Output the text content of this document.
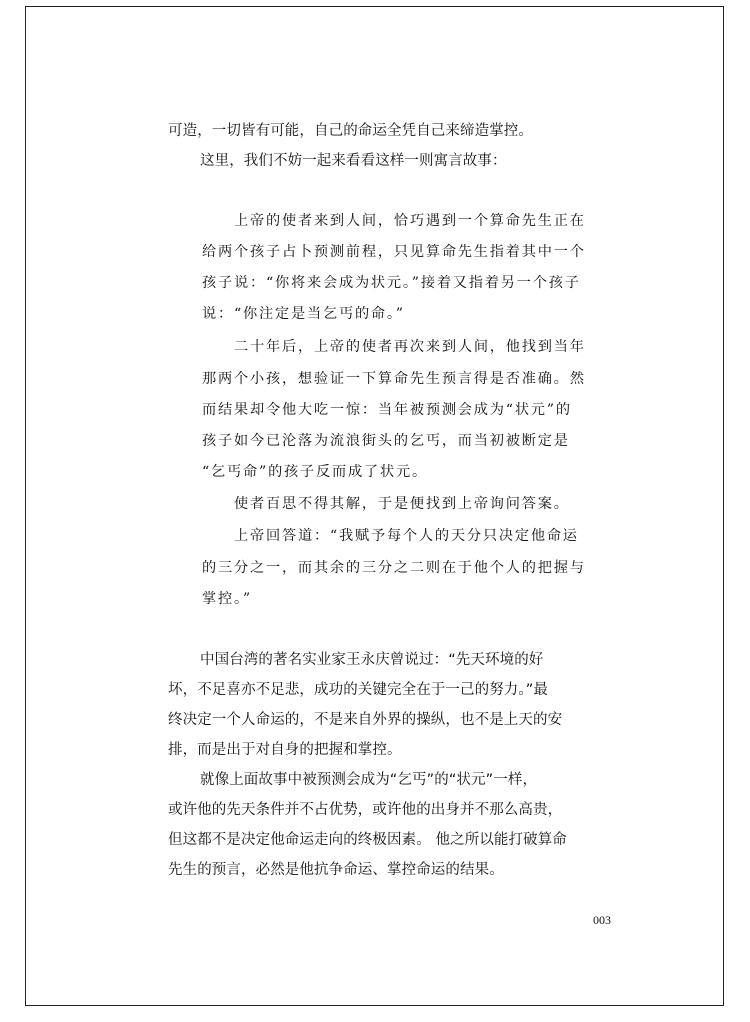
可造，一切皆有可能，自己的命运全凭自己来缔造掌控。
这里，我们不妨一起来看看这样一则寓言故事：
上帝的使者来到人间，恰巧遇到一个算命先生正在
给两个孩子占卜预测前程，只见算命先生指着其中一个
孩子说：“你将来会成为状元。”接着又指着另一个孩子
说：“你注定是当乞丐的命。”
二十年后，上帝的使者再次来到人间，他找到当年
那两个小孩，想验证一下算命先生预言得是否准确。然
而结果却令他大吃一惊：当年被预测会成为“状元”的
孩子如今已沦落为流浪街头的乞丐，而当初被断定是
“乞丐命”的孩子反而成了状元。
使者百思不得其解，于是便找到上帝询问答案。
上帝回答道：“我赋予每个人的天分只决定他命运
的三分之一，而其余的三分之二则在于他个人的把握与
掌控。”
中国台湾的著名实业家王永庆曾说过：“先天环境的好
坏，不足喜亦不足悲，成功的关键完全在于一己的努力。”最
终决定一个人命运的，不是来自外界的操纵，也不是上天的安
排，而是出于对自身的把握和掌控。
就像上面故事中被预测会成为“乞丐”的“状元”一样，
或许他的先天条件并不占优势，或许他的出身并不那么高贵，
但这都不是决定他命运走向的终极因素。 他之所以能打破算命
先生的预言，必然是他抗争命运、掌控命运的结果。
003
